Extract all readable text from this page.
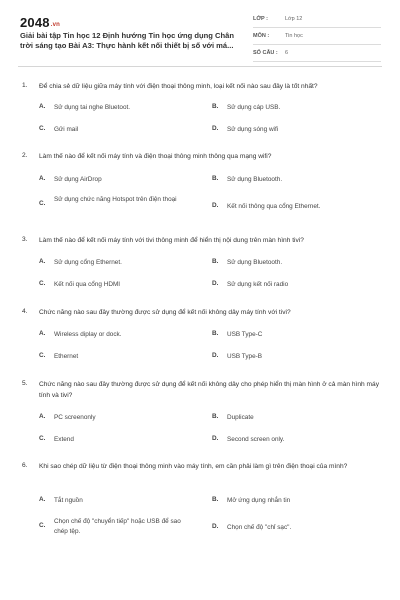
2048.vn
Giải bài tập Tin học 12 Định hướng Tin học ứng dụng Chân trời sáng tạo Bài A3: Thực hành kết nối thiết bị số với má...
LỚP :	Lớp 12
MÔN :	Tin học
SỐ CÂU : 6
1. Để chia sẻ dữ liệu giữa máy tính với điện thoại thông minh, loại kết nối nào sau đây là tốt nhất?
A. Sử dụng tai nghe Bluetoot.	B. Sử dụng cáp USB.
C. Gửi mail	D. Sử dụng sóng wifi
2. Làm thế nào để kết nối máy tính và điện thoại thông minh thông qua mạng wifi?
A. Sử dụng AirDrop	B. Sử dụng Bluetooth.
C.
Sử dụng chức năng Hotspot trên điện thoại
D. Kết nối thông qua cổng Ethernet.
3. Làm thế nào để kết nối máy tính với tivi thông minh để hiển thị nội dung trên màn hình tivi?
A. Sử dụng cổng Ethernet.	B. Sử dụng Bluetooth.
C. Kết nối qua cổng HDMI	D. Sử dụng kết nối radio
4. Chức năng nào sau đây thường được sử dụng để kết nối không dây máy tính với tivi?
A. Wireless diplay or dock.	B. USB Type-C
C. Ethernet	D. USB Type-B
5. Chức năng nào sau đây thường được sử dụng để kết nối không dây cho phép hiển thị màn hình ở cả màn hình máy tính và tivi?
A. PC screenonly	B. Duplicate
C. Extend	D. Second screen only.
6. Khi sao chép dữ liệu từ điện thoại thông minh vào máy tính, em cần phải làm gì trên điện thoại của mình?
A. Tắt nguồn	B. Mở ứng dụng nhắn tin
C.
Chọn chế độ "chuyển tiếp" hoặc USB để sao chép tệp.
D. Chọn chế độ "chỉ sạc".
